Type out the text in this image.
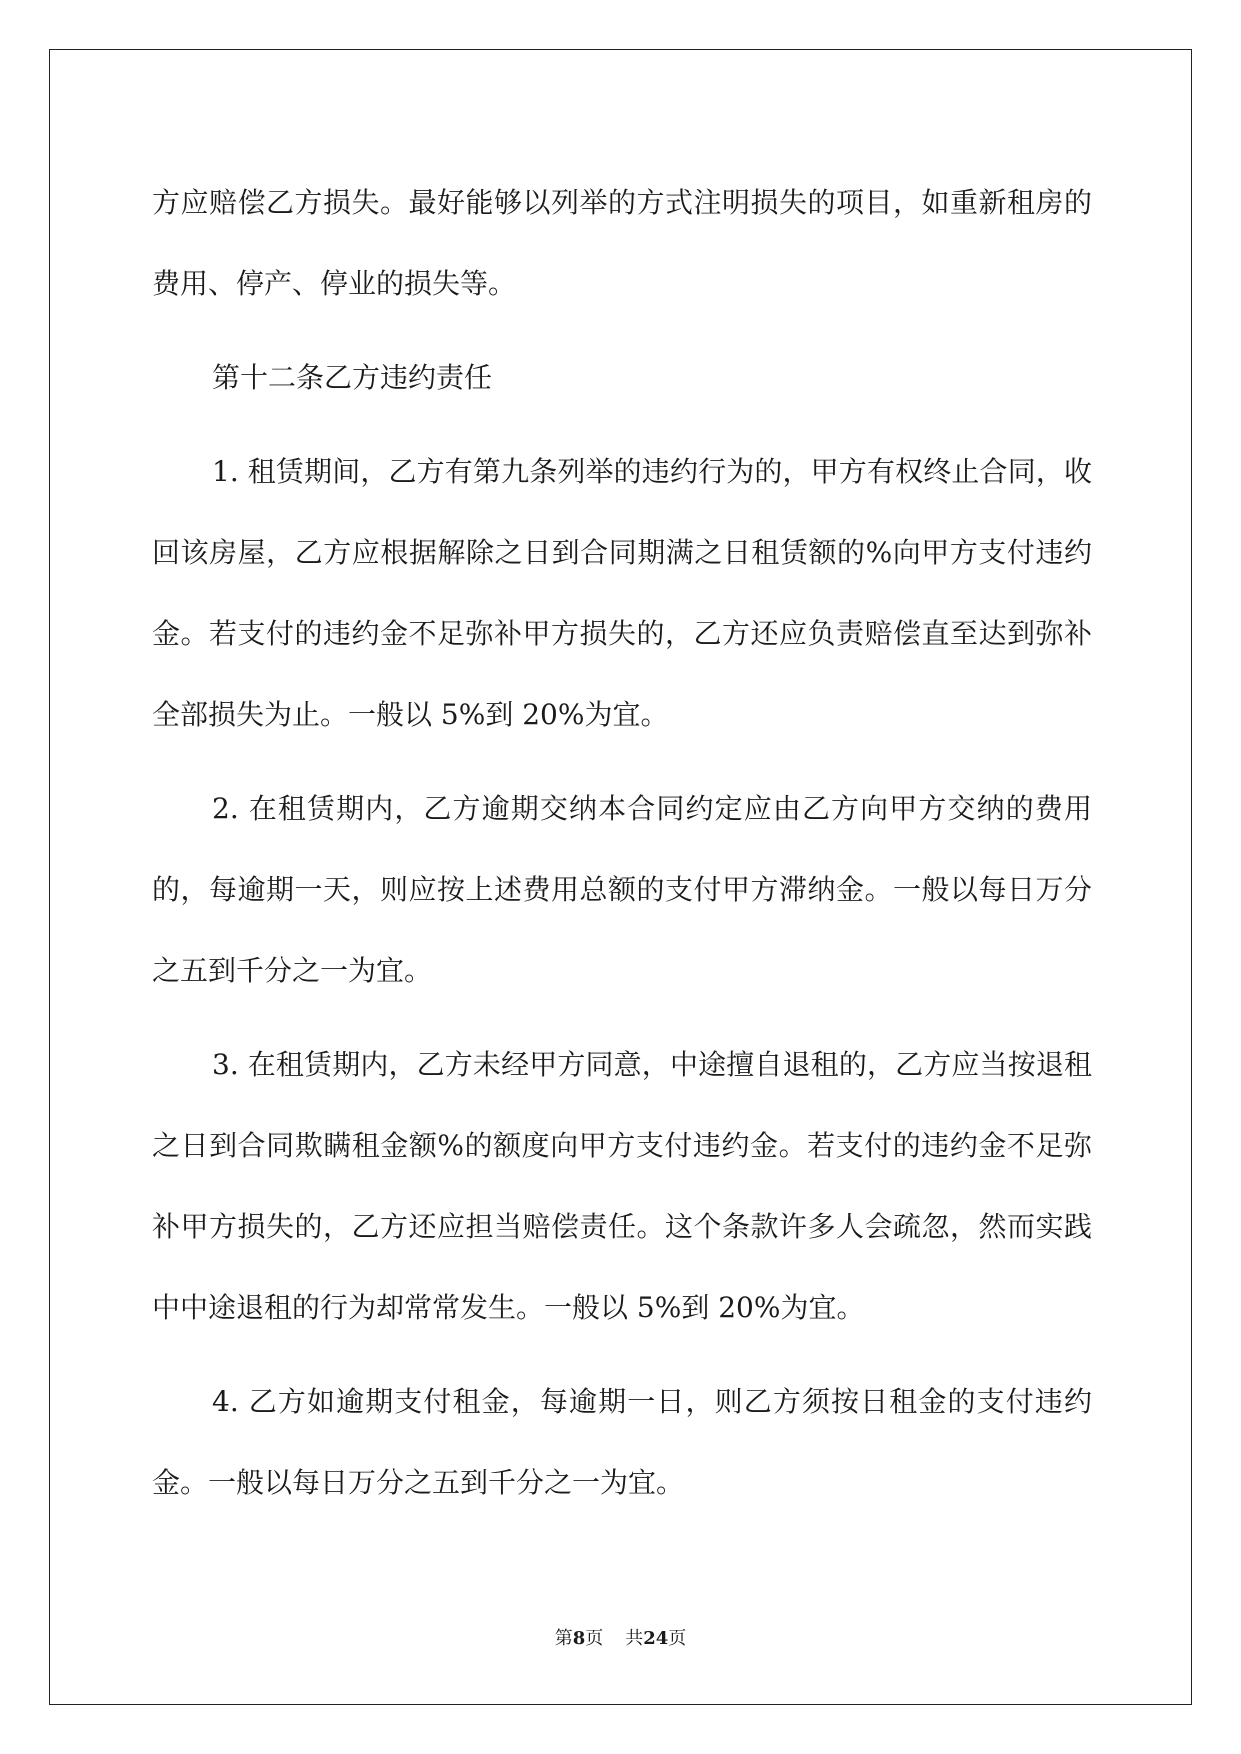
方应赔偿乙方损失。最好能够以列举的方式注明损失的项目，如重新租房的费用、停产、停业的损失等。

第十二条乙方违约责任

1. 租赁期间，乙方有第九条列举的违约行为的，甲方有权终止合同，收回该房屋，乙方应根据解除之日到合同期满之日租赁额的%向甲方支付违约金。若支付的违约金不足弥补甲方损失的，乙方还应负责赔偿直至达到弥补全部损失为止。一般以 5%到 20%为宜。

2. 在租赁期内，乙方逾期交纳本合同约定应由乙方向甲方交纳的费用的，每逾期一天，则应按上述费用总额的支付甲方滞纳金。一般以每日万分之五到千分之一为宜。

3. 在租赁期内，乙方未经甲方同意，中途擅自退租的，乙方应当按退租之日到合同欺瞒租金额%的额度向甲方支付违约金。若支付的违约金不足弥补甲方损失的，乙方还应担当赔偿责任。这个条款许多人会疏忽，然而实践中中途退租的行为却常常发生。一般以 5%到 20%为宜。

4. 乙方如逾期支付租金，每逾期一日，则乙方须按日租金的支付违约金。一般以每日万分之五到千分之一为宜。

第8页 共24页
